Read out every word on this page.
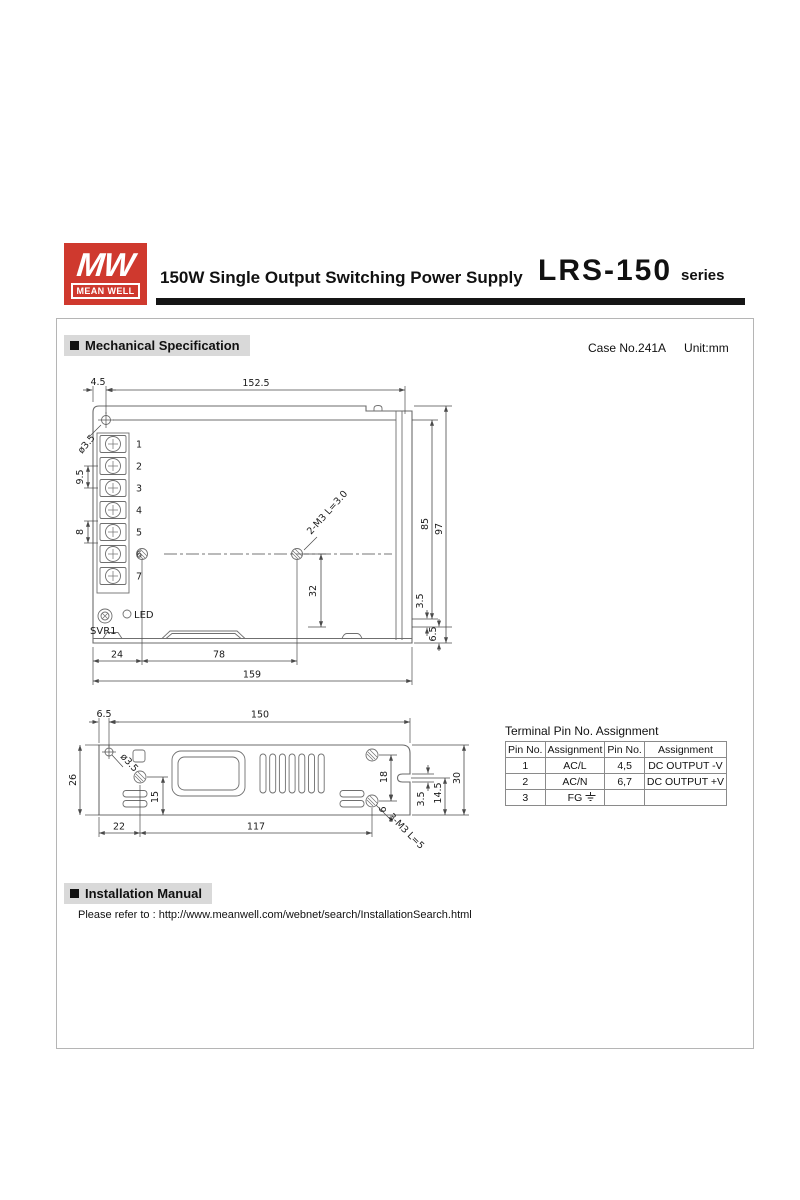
MW
MEAN WELL
150W Single Output Switching Power Supply LRS-150 series
Mechanical Specification	Case No.241A Unit:mm
ø3.5	1
2
3
4
5
6
7
9.5
8	2-M3 L=3.0
32
SVR1
LED
4.5	152.5
85 97
3.5
6.5
24	78
159
ø3.5
15
18
6
3.5 14.5
30
3-M3 L=5
26
6.5	150
22	117
Terminal Pin No. Assignment
Pin No.	Assignment	Pin No.	Assignment
1	AC/L	4,5	DC OUTPUT -V
2	AC/N	6,7	DC OUTPUT +V
3	FG

Installation Manual
Please refer to : http://www.meanwell.com/webnet/search/InstallationSearch.html
